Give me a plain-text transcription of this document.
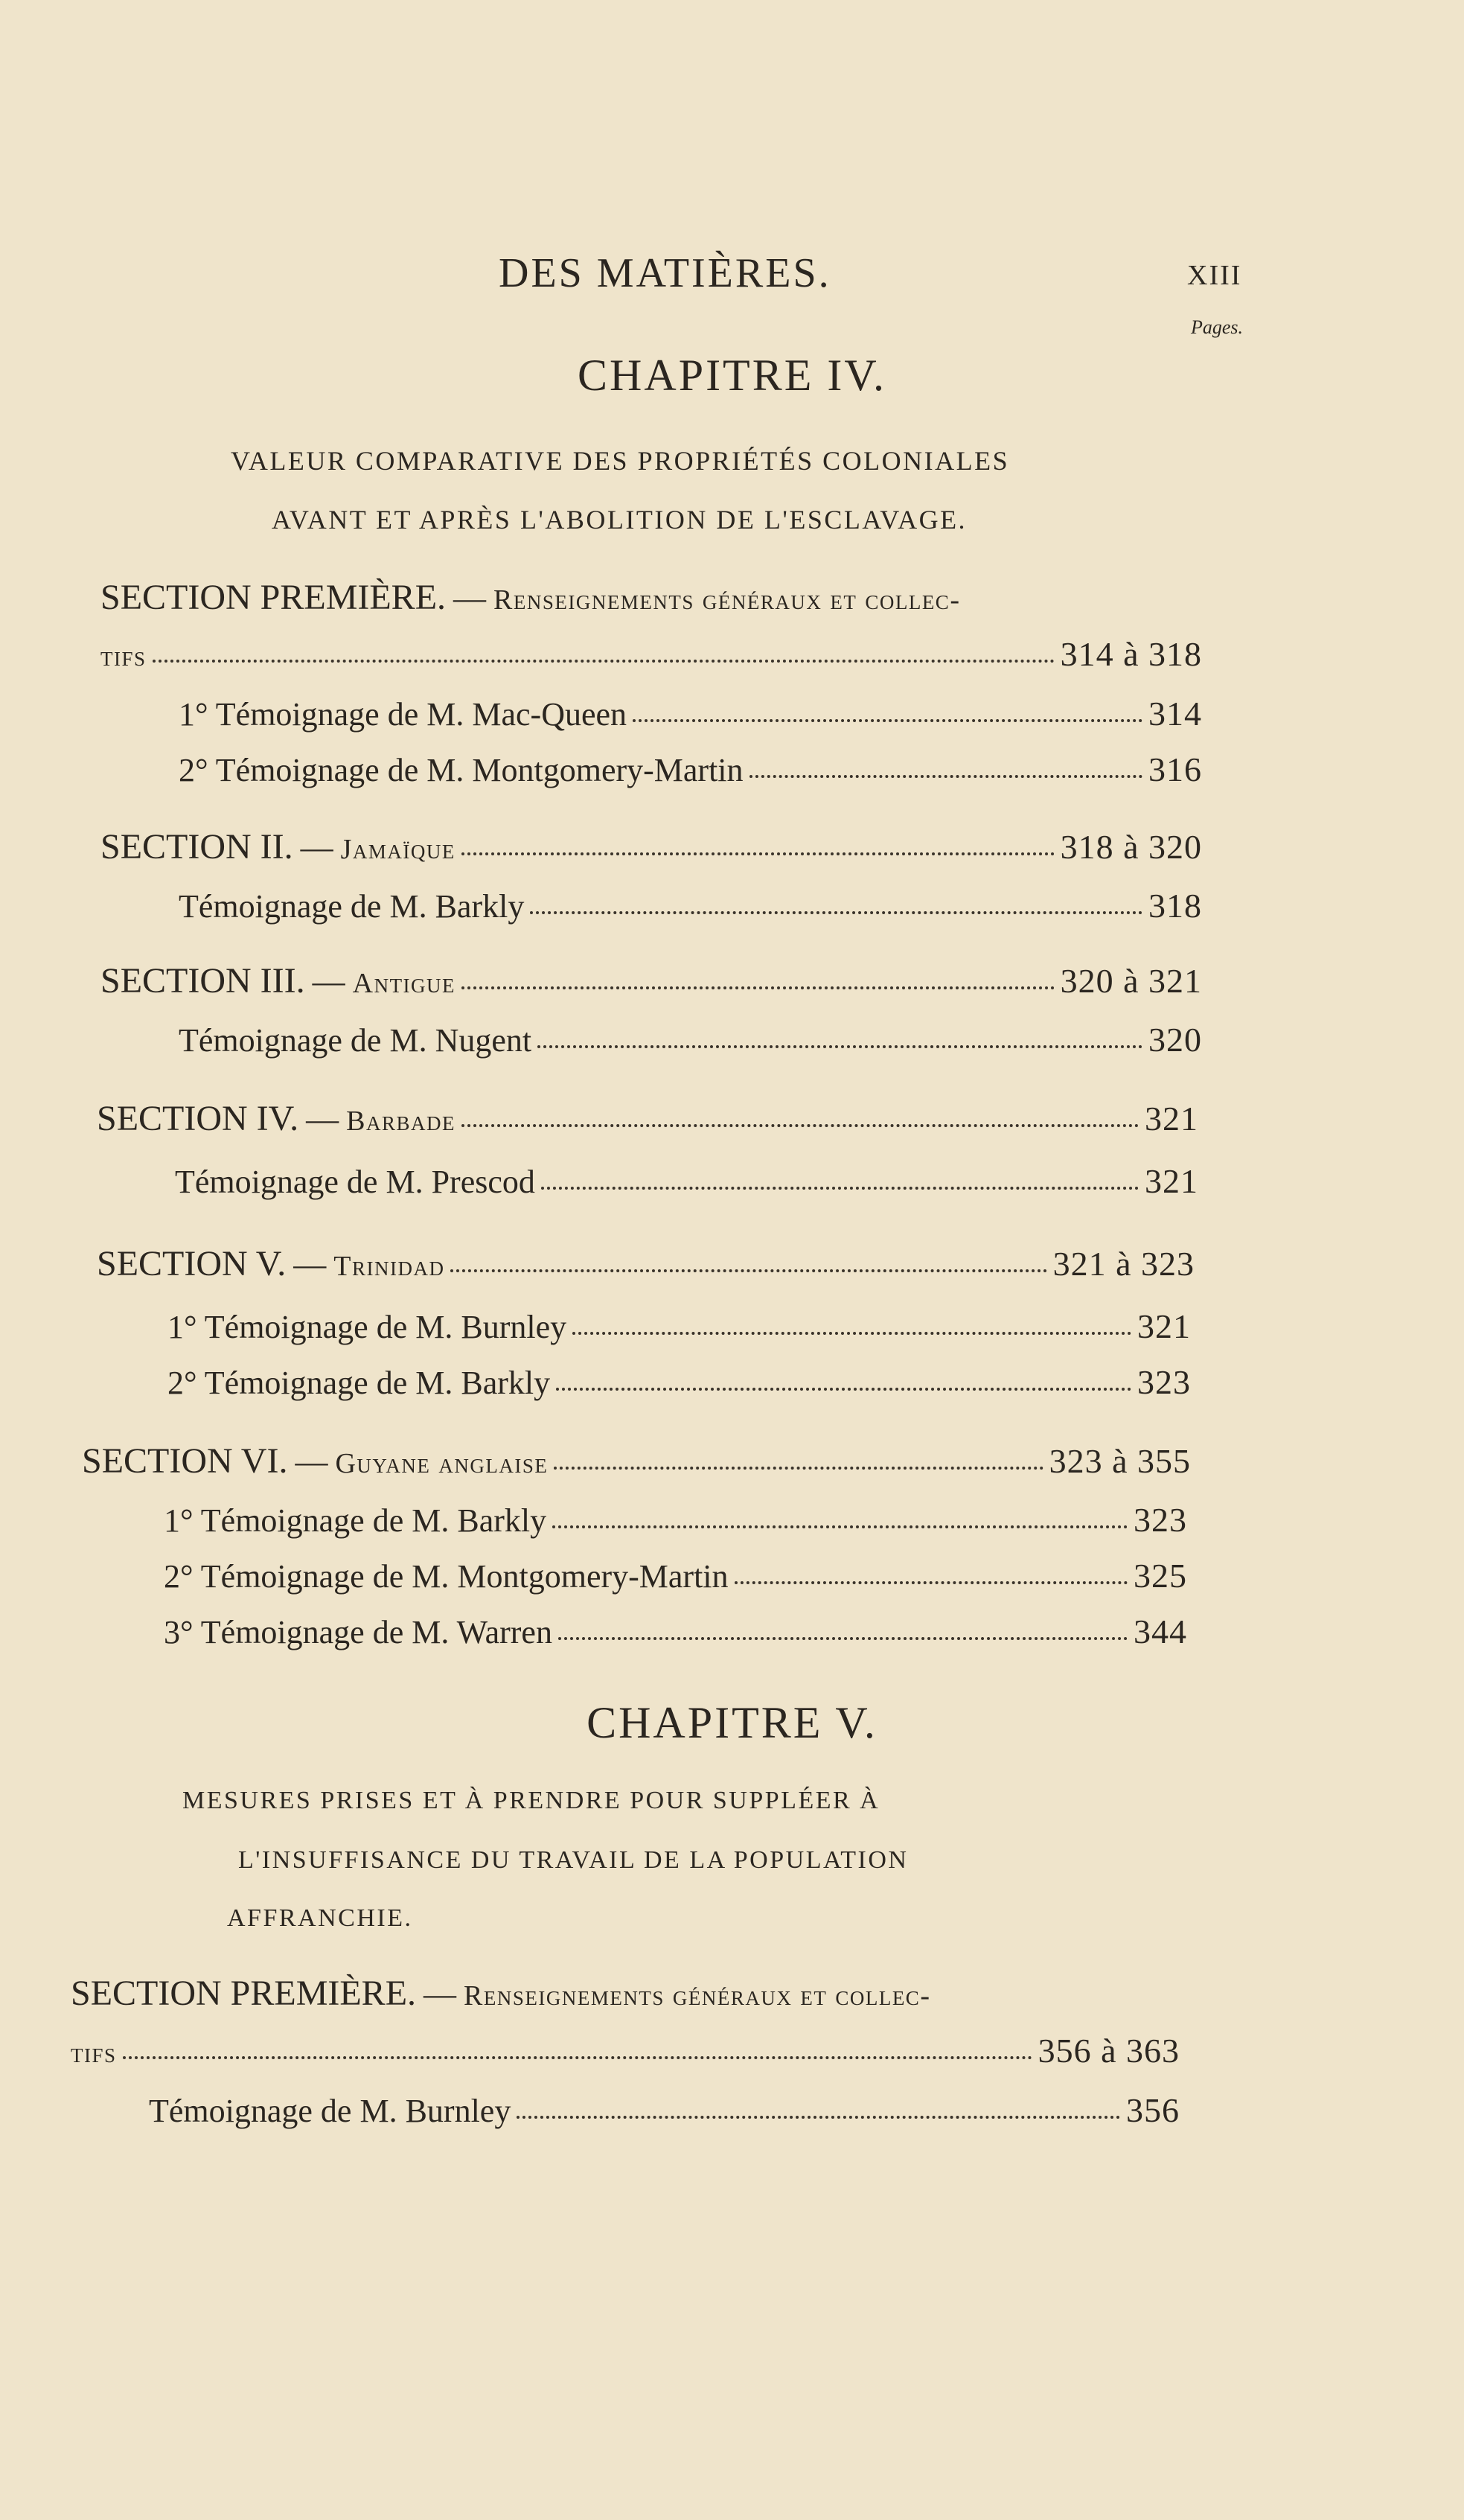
DES MATIÈRES.	XIII
Pages.
CHAPITRE IV.
VALEUR COMPARATIVE DES PROPRIÉTÉS COLONIALES
AVANT ET APRÈS L'ABOLITION DE L'ESCLAVAGE.
SECTION PREMIÈRE. — Renseignements généraux et collec-
tifs	314 à 318
1° Témoignage de M. Mac-Queen	314
2° Témoignage de M. Montgomery-Martin	316
SECTION II. — Jamaïque	318 à 320
Témoignage de M. Barkly	318
SECTION III. — Antigue	320 à 321
Témoignage de M. Nugent	320
SECTION IV. — Barbade	321
Témoignage de M. Prescod	321
SECTION V. — Trinidad	321 à 323
1° Témoignage de M. Burnley	321
2° Témoignage de M. Barkly	323
SECTION VI. — Guyane anglaise	323 à 355
1° Témoignage de M. Barkly	323
2° Témoignage de M. Montgomery-Martin	325
3° Témoignage de M. Warren	344
CHAPITRE V.
MESURES PRISES ET À PRENDRE POUR SUPPLÉER À
L'INSUFFISANCE DU TRAVAIL DE LA POPULATION
AFFRANCHIE.
SECTION PREMIÈRE. — Renseignements généraux et collec-
tifs	356 à 363
Témoignage de M. Burnley	356
